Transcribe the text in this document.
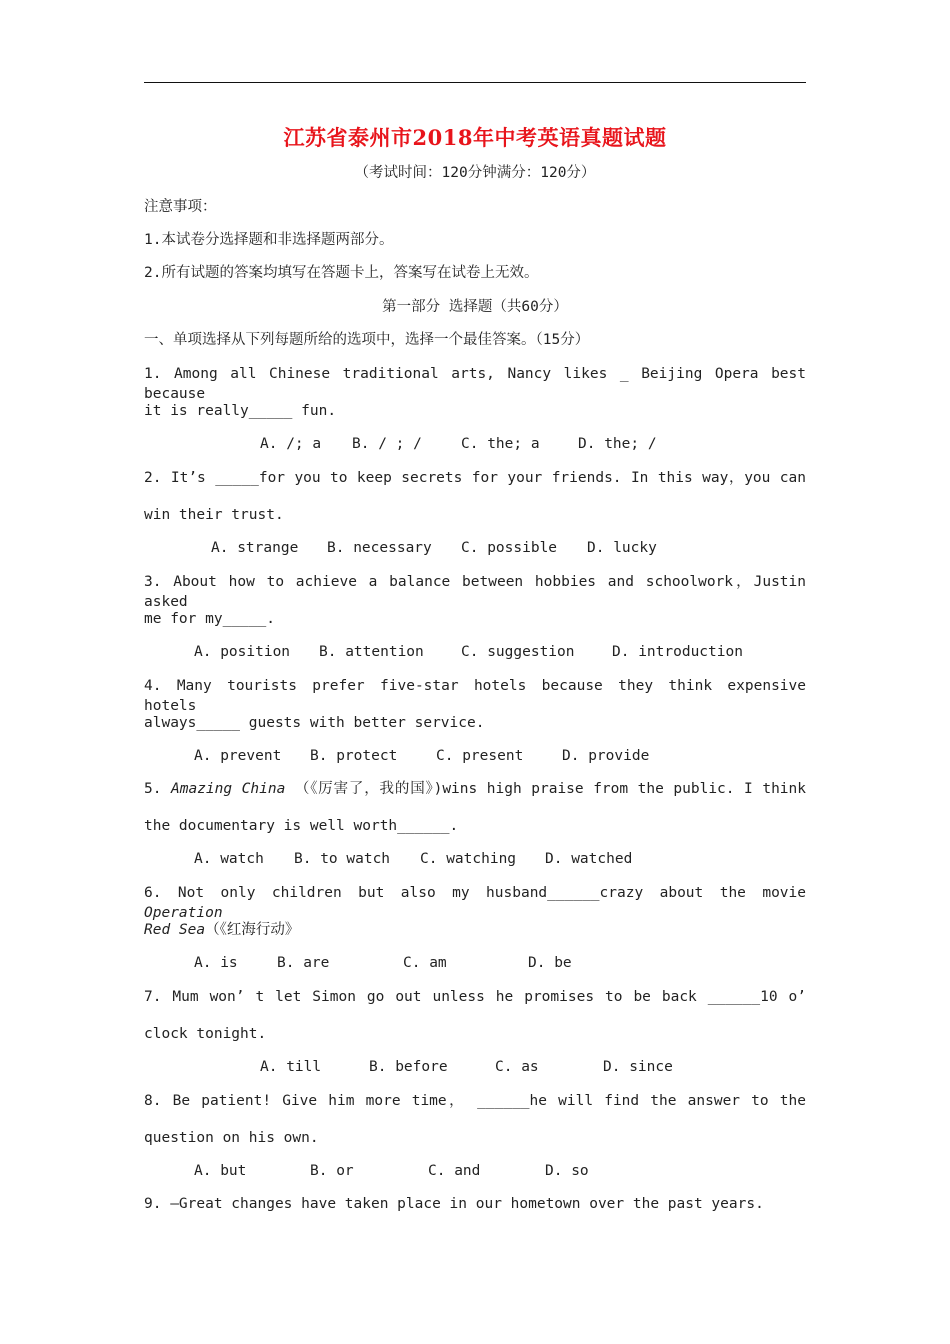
江苏省泰州市2018年中考英语真题试题
（考试时间：120分钟满分：120分）
注意事项：
1.本试卷分选择题和非选择题两部分。
2.所有试题的答案均填写在答题卡上，答案写在试卷上无效。
第一部分 选择题（共60分）
一、单项选择从下列每题所给的选项中，选择一个最佳答案。（15分）
1. Among all Chinese traditional arts, Nancy likes _ Beijing Opera best because
it is really_____ fun.
A. /; a B. / ; /	C. the; a	D. the; /
2. It’s _____for you to keep secrets for your friends. In this way，you can
win their trust.
A. strange B. necessary C. possible D. lucky
3. About how to achieve a balance between hobbies and schoolwork，Justin asked
me for my_____.
A. position B. attention	C. suggestion	D. introduction
4. Many tourists prefer five-star hotels because they think expensive hotels
always_____ guests with better service.
A. prevent B. protect	C. present	D. provide
5. Amazing China （《厉害了，我的国》)wins high praise from the public. I think
the documentary is well worth______.
A. watch B. to watch C. watching D. watched
6. Not only children but also my husband______crazy about the movie Operation
Red Sea（《红海行动》
A. is	B. are	C. am	D. be
7. Mum won’ t let Simon go out unless he promises to be back ______10 o’
clock tonight.
A. till	B. before	C. as	D. since
8. Be patient! Give him more time， ______he will find the answer to the
question on his own.
A. but	B. or	C. and	D. so
9. —Great changes have taken place in our hometown over the past years.
